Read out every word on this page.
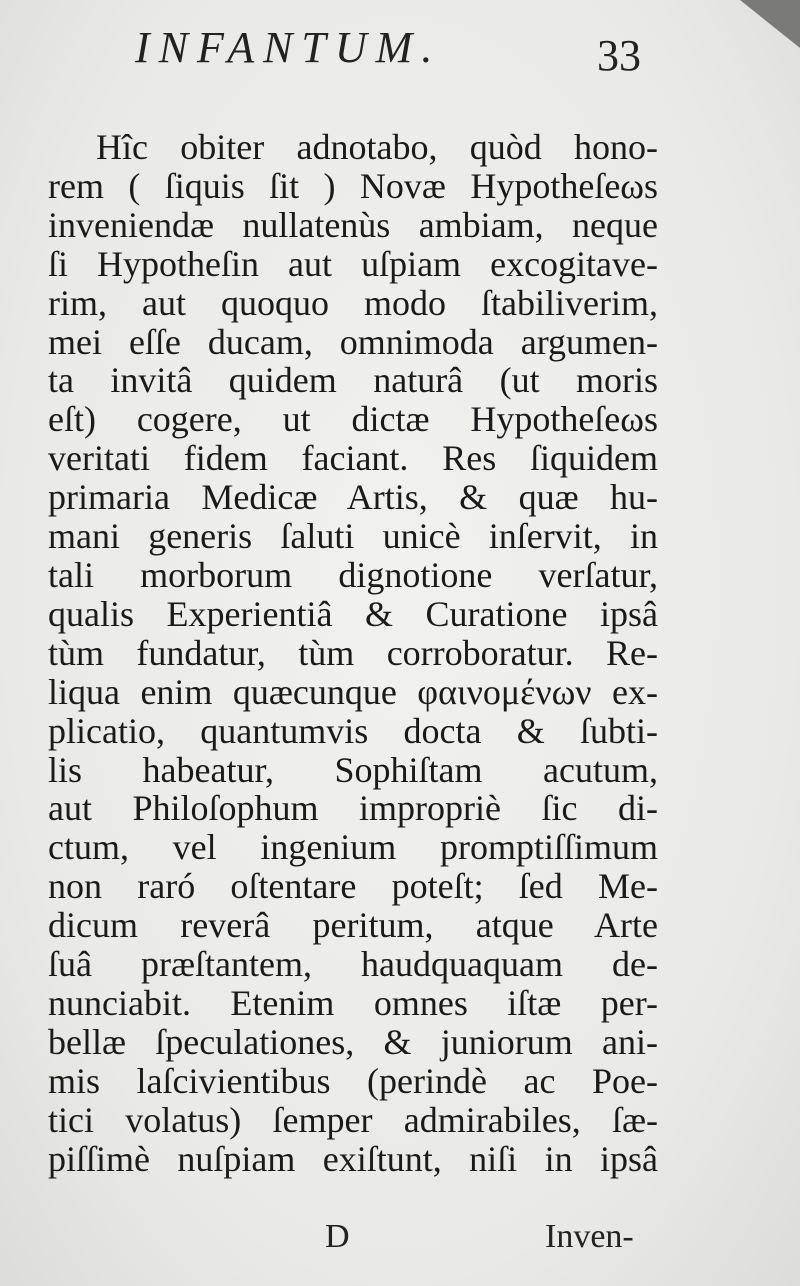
INFANTUM.	33
Hîc obiter adnotabo, quòd hono-
rem ( ſiquis ſit ) Novæ Hypotheſeωs
inveniendæ nullatenùs ambiam, neque
ſi Hypotheſin aut uſpiam excogitave-
rim, aut quoquo modo ſtabiliverim,
mei eſſe ducam, omnimoda argumen-
ta invitâ quidem naturâ (ut moris
eſt) cogere, ut dictæ Hypotheſeωs
veritati fidem faciant. Res ſiquidem
primaria Medicæ Artis, & quæ hu-
mani generis ſaluti unicè inſervit, in
tali morborum dignotione verſatur,
qualis Experientiâ & Curatione ipsâ
tùm fundatur, tùm corroboratur. Re-
liqua enim quæcunque φαινομένων ex-
plicatio, quantumvis docta & ſubti-
lis habeatur, Sophiſtam acutum,
aut Philoſophum impropriè ſic di-
ctum, vel ingenium promptiſſimum
non raró oſtentare poteſt; ſed Me-
dicum reverâ peritum, atque Arte
ſuâ præſtantem, haudquaquam de-
nunciabit. Etenim omnes iſtæ per-
bellæ ſpeculationes, & juniorum ani-
mis laſcivientibus (perindè ac Poe-
tici volatus) ſemper admirabiles, ſæ-
piſſimè nuſpiam exiſtunt, niſi in ipsâ
D	Inven-
